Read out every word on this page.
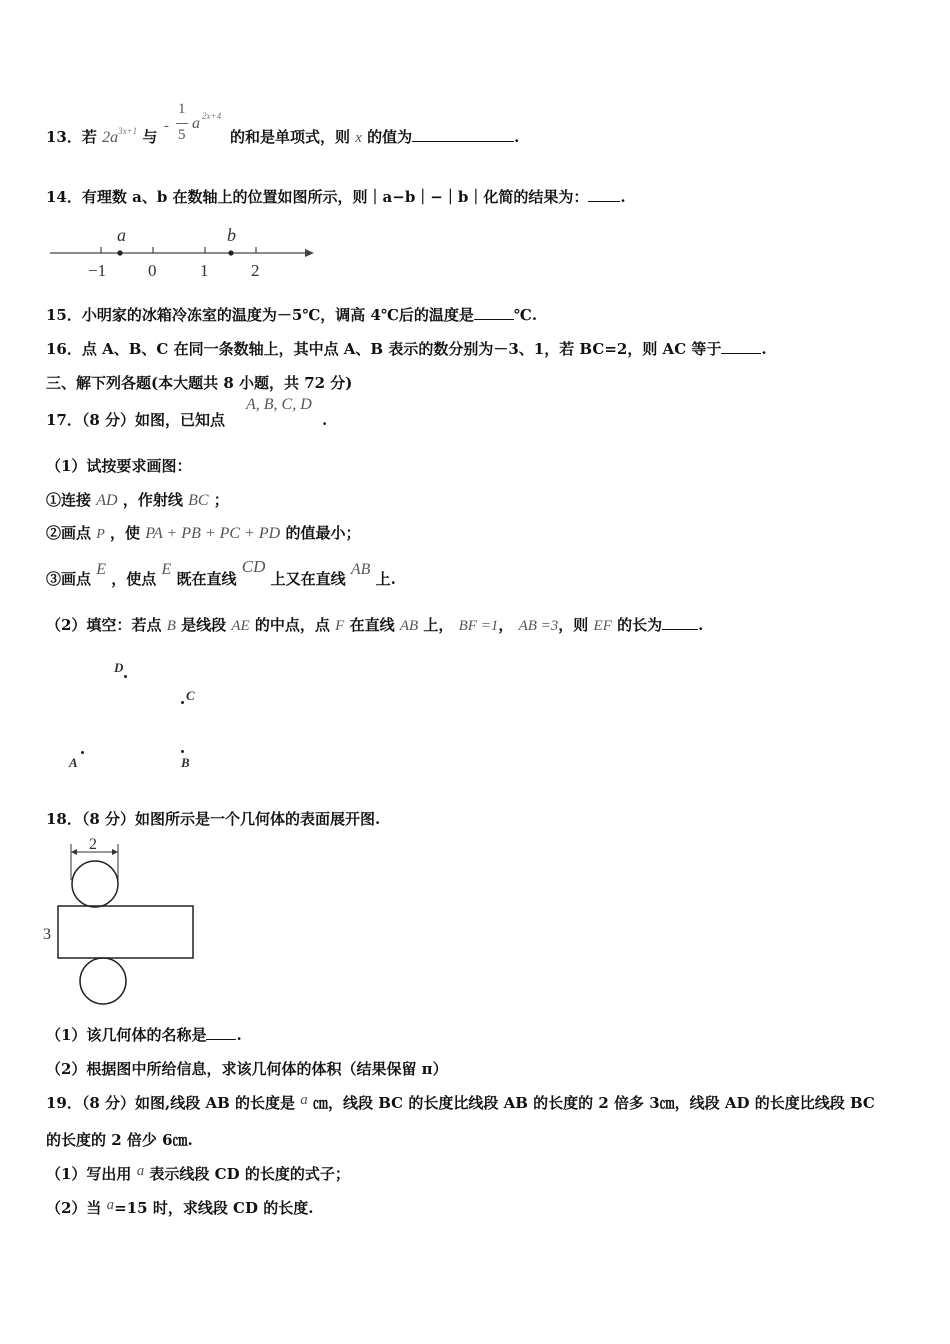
13．若 $2a^{3x+1}$ 与
-
1
5
a 2x+4
的和是单项式，则 x 的值为	.
14．有理数 a、b 在数轴上的位置如图所示，则｜a−b｜−｜b｜化简的结果为： .
a	b
−1 0	1	2
15．小明家的冰箱冷冻室的温度为－5℃，调高 4℃后的温度是	℃.
16．点 A、B、C 在同一条数轴上，其中点 A、B 表示的数分别为－3、1，若 BC=2，则 AC 等于	.
三、解下列各题(本大题共 8 小题，共 72 分)
17．（8 分）如图，已知点
A, B, C, D
.
（1）试按要求画图：
①连接 AD ，作射线 BC ；
②画点 P ，使 PA + PB + PC + PD 的值最小；
③画点 E ，使点 E 既在直线 CD 上又在直线 AB 上.
（2）填空：若点 B 是线段 AE 的中点，点 F 在直线 AB 上， BF =1， AB =3，则 EF 的长为 .
D
C
A	B
18．（8 分）如图所示是一个几何体的表面展开图.
2
3
（1）该几何体的名称是 .
（2）根据图中所给信息，求该几何体的体积（结果保留 π）
19．（8 分）如图,线段 AB 的长度是 a ㎝，线段 BC 的长度比线段 AB 的长度的 2 倍多 3㎝，线段 AD 的长度比线段 BC
的长度的 2 倍少 6㎝.
（1）写出用 a 表示线段 CD 的长度的式子；
（2）当 a=15 时，求线段 CD 的长度.
